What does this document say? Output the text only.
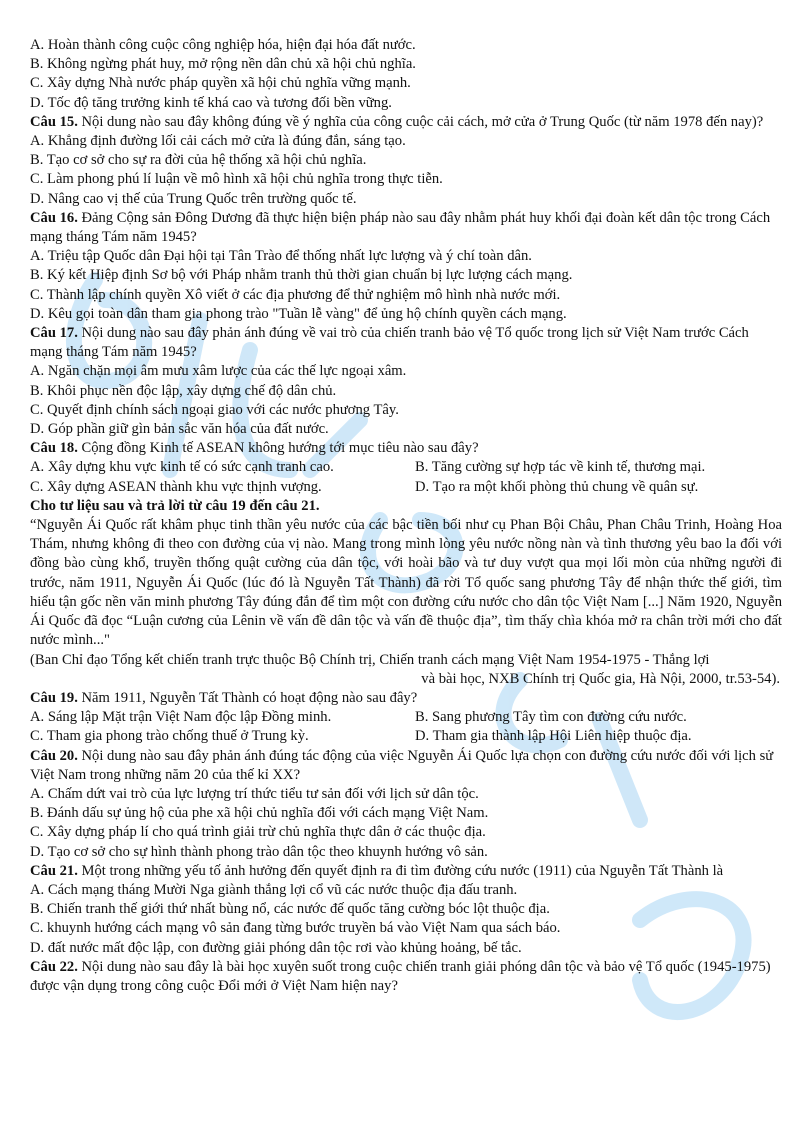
A. Hoàn thành công cuộc công nghiệp hóa, hiện đại hóa đất nước.
B. Không ngừng phát huy, mở rộng nền dân chủ xã hội chủ nghĩa.
C. Xây dựng Nhà nước pháp quyền xã hội chủ nghĩa vững mạnh.
D. Tốc độ tăng trưởng kinh tế khá cao và tương đối bền vững.
Câu 15. Nội dung nào sau đây không đúng về ý nghĩa của công cuộc cải cách, mở cửa ở Trung Quốc (từ năm 1978 đến nay)?
A. Khẳng định đường lối cải cách mở cửa là đúng đắn, sáng tạo.
B. Tạo cơ sở cho sự ra đời của hệ thống xã hội chủ nghĩa.
C. Làm phong phú lí luận về mô hình xã hội chủ nghĩa trong thực tiễn.
D. Nâng cao vị thế của Trung Quốc trên trường quốc tế.
Câu 16. Đảng Cộng sản Đông Dương đã thực hiện biện pháp nào sau đây nhằm phát huy khối đại đoàn kết dân tộc trong Cách mạng tháng Tám năm 1945?
A. Triệu tập Quốc dân Đại hội tại Tân Trào để thống nhất lực lượng và ý chí toàn dân.
B. Ký kết Hiệp định Sơ bộ với Pháp nhằm tranh thủ thời gian chuẩn bị lực lượng cách mạng.
C. Thành lập chính quyền Xô viết ở các địa phương để thử nghiệm mô hình nhà nước mới.
D. Kêu gọi toàn dân tham gia phong trào "Tuần lễ vàng" để ủng hộ chính quyền cách mạng.
Câu 17. Nội dung nào sau đây phản ánh đúng về vai trò của chiến tranh bảo vệ Tổ quốc trong lịch sử Việt Nam trước Cách mạng tháng Tám năm 1945?
A. Ngăn chặn mọi âm mưu xâm lược của các thế lực ngoại xâm.
B. Khôi phục nền độc lập, xây dựng chế độ dân chủ.
C. Quyết định chính sách ngoại giao với các nước phương Tây.
D. Góp phần giữ gìn bản sắc văn hóa của đất nước.
Câu 18. Cộng đồng Kinh tế ASEAN không hướng tới mục tiêu nào sau đây?
A. Xây dựng khu vực kinh tế có sức cạnh tranh cao.	B. Tăng cường sự hợp tác về kinh tế, thương mại.
C. Xây dựng ASEAN thành khu vực thịnh vượng.	D. Tạo ra một khối phòng thủ chung về quân sự.
Cho tư liệu sau và trả lời từ câu 19 đến câu 21.
“Nguyễn Ái Quốc rất khâm phục tinh thần yêu nước của các bậc tiền bối như cụ Phan Bội Châu, Phan Châu Trinh, Hoàng Hoa Thám, nhưng không đi theo con đường của vị nào. Mang trong mình lòng yêu nước nồng nàn và tình thương yêu bao la đối với đồng bào cùng khổ, truyền thống quật cường của dân tộc, với hoài bão và tư duy vượt qua mọi lối mòn của những người đi trước, năm 1911, Nguyễn Ái Quốc (lúc đó là Nguyễn Tất Thành) đã rời Tổ quốc sang phương Tây để nhận thức thế giới, tìm hiểu tận gốc nền văn minh phương Tây đúng đắn để tìm một con đường cứu nước cho dân tộc Việt Nam [...] Năm 1920, Nguyễn Ái Quốc đã đọc “Luận cương của Lênin về vấn đề dân tộc và vấn đề thuộc địa”, tìm thấy chìa khóa mở ra chân trời mới cho đất nước mình..."
(Ban Chỉ đạo Tổng kết chiến tranh trực thuộc Bộ Chính trị, Chiến tranh cách mạng Việt Nam 1954-1975 - Thắng lợi
và bài học, NXB Chính trị Quốc gia, Hà Nội, 2000, tr.53-54).
Câu 19. Năm 1911, Nguyễn Tất Thành có hoạt động nào sau đây?
A. Sáng lập Mặt trận Việt Nam độc lập Đồng minh.	B. Sang phương Tây tìm con đường cứu nước.
C. Tham gia phong trào chống thuế ở Trung kỳ.	D. Tham gia thành lập Hội Liên hiệp thuộc địa.
Câu 20. Nội dung nào sau đây phản ánh đúng tác động của việc Nguyễn Ái Quốc lựa chọn con đường cứu nước đối với lịch sử Việt Nam trong những năm 20 của thế kỉ XX?
A. Chấm dứt vai trò của lực lượng trí thức tiểu tư sản đối với lịch sử dân tộc.
B. Đánh dấu sự ủng hộ của phe xã hội chủ nghĩa đối với cách mạng Việt Nam.
C. Xây dựng pháp lí cho quá trình giải trừ chủ nghĩa thực dân ở các thuộc địa.
D. Tạo cơ sở cho sự hình thành phong trào dân tộc theo khuynh hướng vô sản.
Câu 21. Một trong những yếu tố ảnh hưởng đến quyết định ra đi tìm đường cứu nước (1911) của Nguyễn Tất Thành là
A. Cách mạng tháng Mười Nga giành thắng lợi cổ vũ các nước thuộc địa đấu tranh.
B. Chiến tranh thế giới thứ nhất bùng nổ, các nước đế quốc tăng cường bóc lột thuộc địa.
C. khuynh hướng cách mạng vô sản đang từng bước truyền bá vào Việt Nam qua sách báo.
D. đất nước mất độc lập, con đường giải phóng dân tộc rơi vào khủng hoảng, bế tắc.
Câu 22. Nội dung nào sau đây là bài học xuyên suốt trong cuộc chiến tranh giải phóng dân tộc và bảo vệ Tổ quốc (1945-1975) được vận dụng trong công cuộc Đổi mới ở Việt Nam hiện nay?
